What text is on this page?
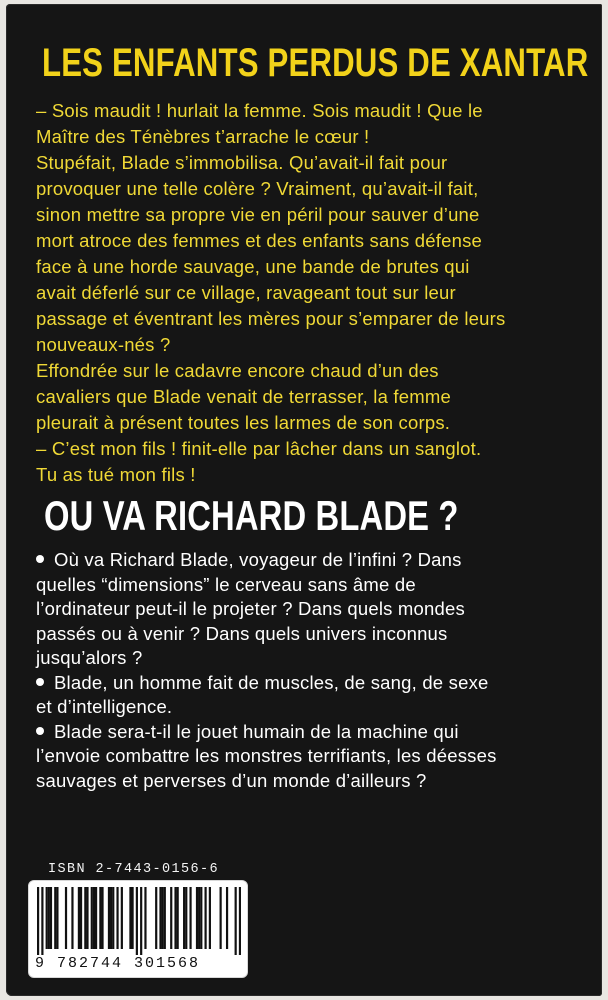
LES ENFANTS PERDUS DE XANTAR
– Sois maudit ! hurlait la femme. Sois maudit ! Que le
Maître des Ténèbres t’arrache le cœur !
Stupéfait, Blade s’immobilisa. Qu’avait-il fait pour
provoquer une telle colère ? Vraiment, qu’avait-il fait,
sinon mettre sa propre vie en péril pour sauver d’une
mort atroce des femmes et des enfants sans défense
face à une horde sauvage, une bande de brutes qui
avait déferlé sur ce village, ravageant tout sur leur
passage et éventrant les mères pour s’emparer de leurs
nouveaux-nés ?
Effondrée sur le cadavre encore chaud d’un des
cavaliers que Blade venait de terrasser, la femme
pleurait à présent toutes les larmes de son corps.
– C’est mon fils ! finit-elle par lâcher dans un sanglot.
Tu as tué mon fils !
OU VA RICHARD BLADE ?
Où va Richard Blade, voyageur de l’infini ? Dans
quelles “dimensions” le cerveau sans âme de
l’ordinateur peut-il le projeter ? Dans quels mondes
passés ou à venir ? Dans quels univers inconnus
jusqu’alors ?
Blade, un homme fait de muscles, de sang, de sexe
et d’intelligence.
Blade sera-t-il le jouet humain de la machine qui
l’envoie combattre les monstres terrifiants, les déesses
sauvages et perverses d’un monde d’ailleurs ?
ISBN 2-7443-0156-6
9 782744 301568
